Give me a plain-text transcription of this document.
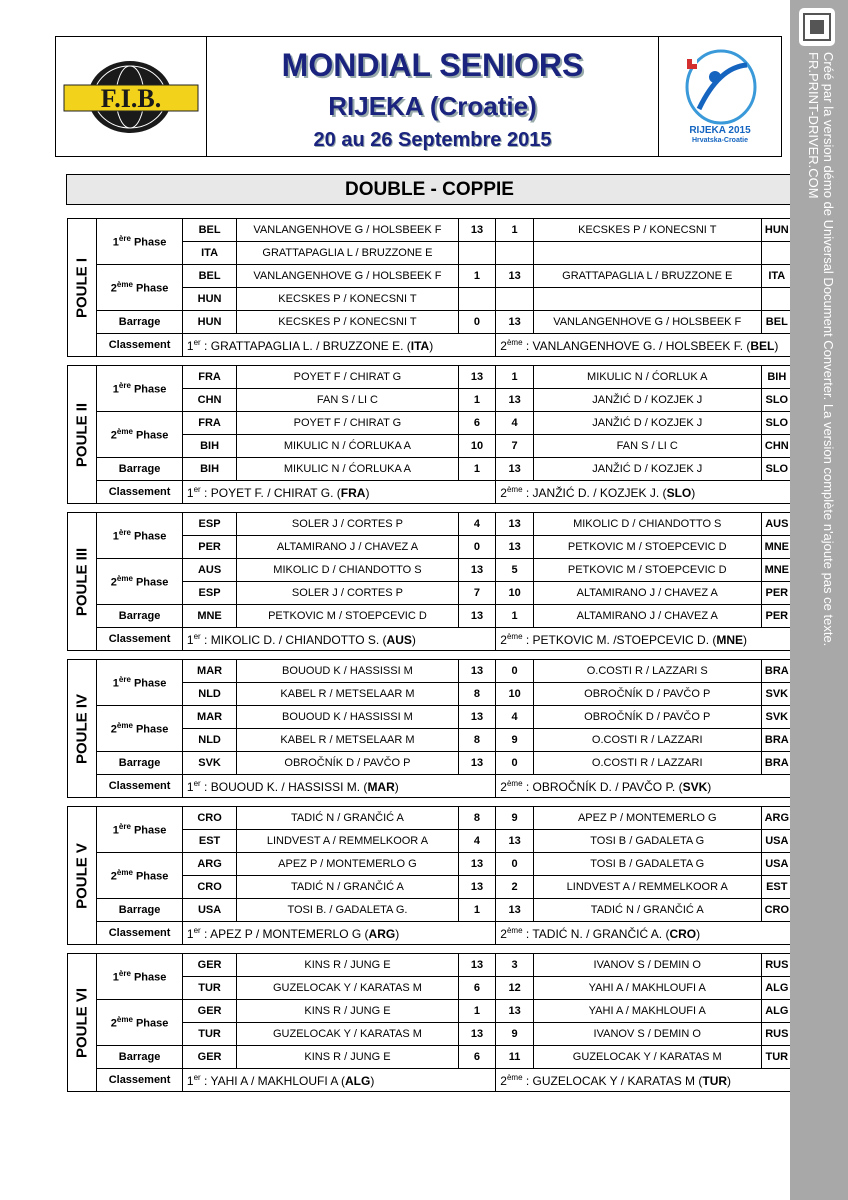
F.I.B.
MONDIAL SENIORS
RIJEKA (Croatie)
20 au 26 Septembre 2015	RIJEKA 2015
Hrvatska-Croatie
DOUBLE - COPPIE
POULE I	1ère Phase	BEL	VANLANGENHOVE G / HOLSBEEK F	13	1	KECSKES P / KONECSNI T	HUN
		ITA	GRATTAPAGLIA L / BRUZZONE E				
	2ème Phase	BEL	VANLANGENHOVE G / HOLSBEEK F	1	13	GRATTAPAGLIA L / BRUZZONE E	ITA
		HUN	KECSKES P / KONECSNI T				
	Barrage	HUN	KECSKES P / KONECSNI T	0	13	VANLANGENHOVE G / HOLSBEEK F	BEL
	Classement	1er : GRATTAPAGLIA L. / BRUZZONE E. (ITA)			2ème : VANLANGENHOVE G. / HOLSBEEK F. (BEL)		
POULE II	1ère Phase	FRA	POYET F / CHIRAT G	13	1	MIKULIC N / ĆORLUK A	BIH
		CHN	FAN S / LI C	1	13	JANŽIĆ D / KOZJEK J	SLO
	2ème Phase	FRA	POYET F / CHIRAT G	6	4	JANŽIĆ D / KOZJEK J	SLO
		BIH	MIKULIC N / ĆORLUKA A	10	7	FAN S / LI C	CHN
	Barrage	BIH	MIKULIC N / ĆORLUKA A	1	13	JANŽIĆ D / KOZJEK J	SLO
	Classement	1er : POYET F. / CHIRAT G. (FRA)			2ème : JANŽIĆ D. / KOZJEK J. (SLO)		
POULE III	1ère Phase	ESP	SOLER J / CORTES P	4	13	MIKOLIC D / CHIANDOTTO S	AUS
		PER	ALTAMIRANO J / CHAVEZ A	0	13	PETKOVIC M / STOEPCEVIC D	MNE
	2ème Phase	AUS	MIKOLIC D / CHIANDOTTO S	13	5	PETKOVIC M / STOEPCEVIC D	MNE
		ESP	SOLER J / CORTES P	7	10	ALTAMIRANO J / CHAVEZ A	PER
	Barrage	MNE	PETKOVIC M / STOEPCEVIC D	13	1	ALTAMIRANO J / CHAVEZ A	PER
	Classement	1er : MIKOLIC D. / CHIANDOTTO S. (AUS)			2ème : PETKOVIC M. /STOEPCEVIC D. (MNE)		
POULE IV	1ère Phase	MAR	BOUOUD K / HASSISSI M	13	0	O.COSTI R / LAZZARI S	BRA
		NLD	KABEL R / METSELAAR M	8	10	OBROČNÍK D / PAVČO P	SVK
	2ème Phase	MAR	BOUOUD K / HASSISSI M	13	4	OBROČNÍK D / PAVČO P	SVK
		NLD	KABEL R / METSELAAR M	8	9	O.COSTI R / LAZZARI	BRA
	Barrage	SVK	OBROČNÍK D / PAVČO P	13	0	O.COSTI R / LAZZARI	BRA
	Classement	1er : BOUOUD K. / HASSISSI M. (MAR)			2ème : OBROČNÍK D. / PAVČO P. (SVK)		
POULE V	1ère Phase	CRO	TADIĆ N / GRANČIĆ A	8	9	APEZ P / MONTEMERLO G	ARG
		EST	LINDVEST A / REMMELKOOR A	4	13	TOSI B / GADALETA G	USA
	2ème Phase	ARG	APEZ P / MONTEMERLO G	13	0	TOSI B / GADALETA G	USA
		CRO	TADIĆ N / GRANČIĆ A	13	2	LINDVEST A / REMMELKOOR A	EST
	Barrage	USA	TOSI B. / GADALETA G.	1	13	TADIĆ N / GRANČIĆ A	CRO
	Classement	1er : APEZ P / MONTEMERLO G (ARG)			2ème : TADIĆ N. / GRANČIĆ A. (CRO)		
POULE VI	1ère Phase	GER	KINS R / JUNG E	13	3	IVANOV S / DEMIN O	RUS
		TUR	GUZELOCAK Y / KARATAS M	6	12	YAHI A / MAKHLOUFI A	ALG
	2ème Phase	GER	KINS R / JUNG E	1	13	YAHI A / MAKHLOUFI A	ALG
		TUR	GUZELOCAK Y / KARATAS M	13	9	IVANOV S / DEMIN O	RUS
	Barrage	GER	KINS R / JUNG E	6	11	GUZELOCAK Y / KARATAS M	TUR
	Classement	1er : YAHI A / MAKHLOUFI A (ALG)			2ème : GUZELOCAK Y / KARATAS M (TUR)		
Créé par la version démo de Universal Document Converter. La version complète n'ajoute pas ce texte.
FR.PRINT-DRIVER.COM
